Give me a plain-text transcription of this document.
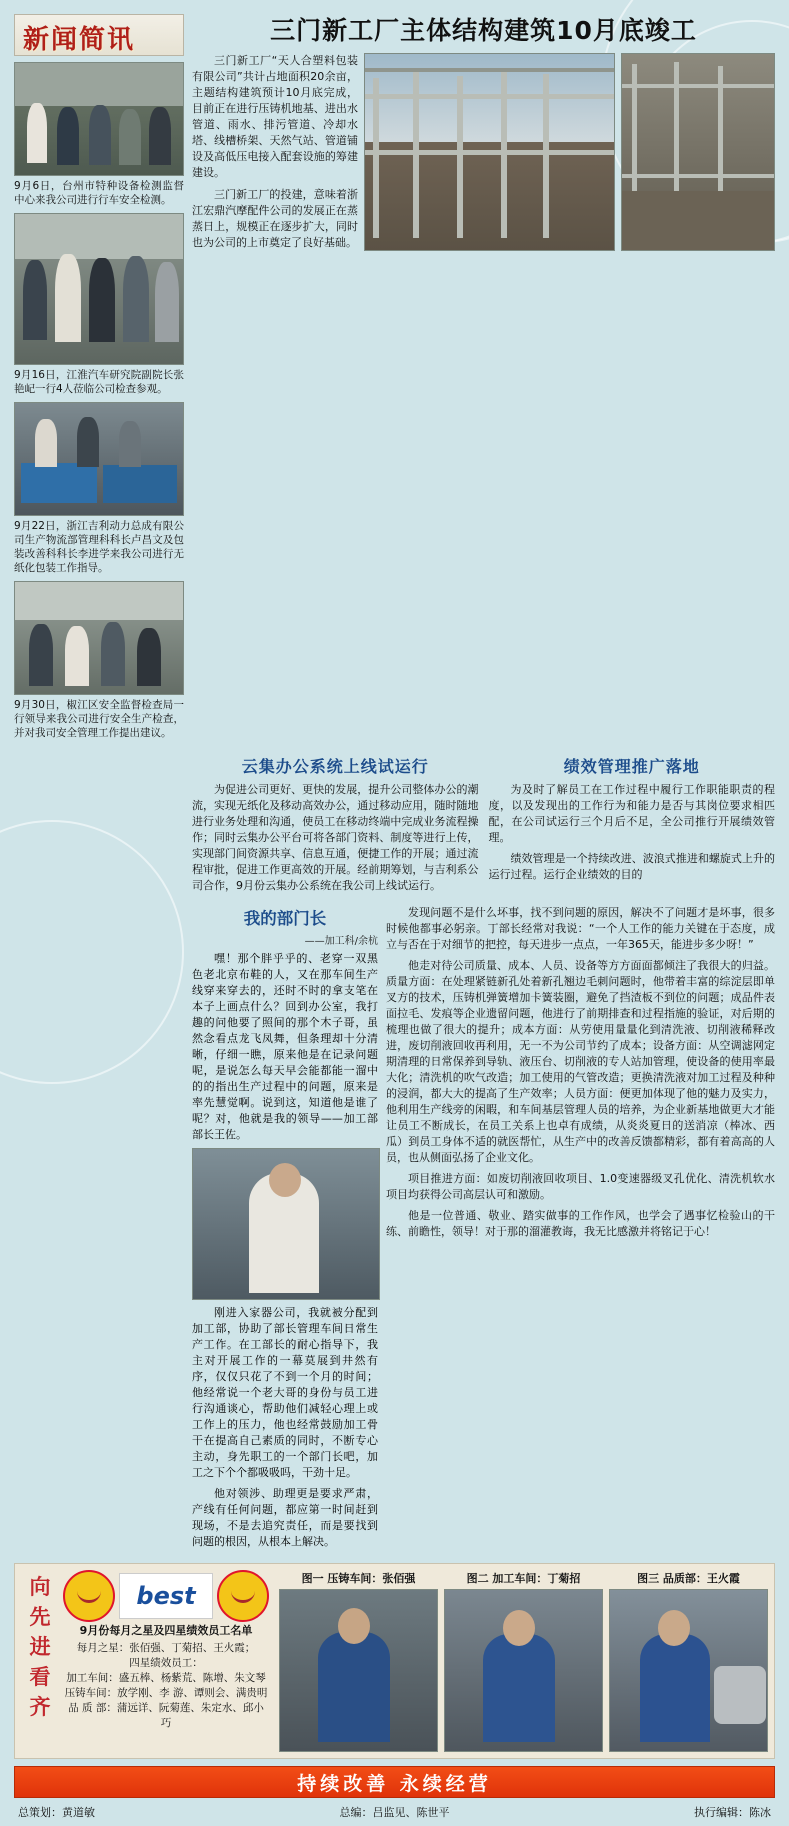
新闻简讯
9月6日，台州市特种设备检测监督中心来我公司进行行车安全检测。
9月16日，江淮汽车研究院副院长张艳屺一行4人莅临公司检查参观。
9月22日，浙江吉利动力总成有限公司生产物流部管理科科长卢昌文及包装改善科科长李进学来我公司进行无纸化包装工作指导。
9月30日，椒江区安全监督检查局一行领导来我公司进行安全生产检查，并对我司安全管理工作提出建议。
三门新工厂主体结构建筑10月底竣工

三门新工厂“天人合塑料包装有限公司”共计占地面积20余亩，主题结构建筑预计10月底完成，目前正在进行压铸机地基、进出水管道、雨水、排污管道、冷却水塔、线槽桥架、天然气站、管道铺设及高低压电接入配套设施的筹建建设。

三门新工厂的投建，意味着浙江宏鼎汽摩配件公司的发展正在蒸蒸日上，规模正在逐步扩大，同时也为公司的上市奠定了良好基础。

云集办公系统上线试运行

为促进公司更好、更快的发展，提升公司整体办公的潮流，实现无纸化及移动高效办公，通过移动应用，随时随地进行业务处理和沟通，使员工在移动终端中完成业务流程操作；同时云集办公平台可将各部门资料、制度等进行上传，实现部门间资源共享、信息互通，便捷工作的开展；通过流程审批，促进工作更高效的开展。经前期筹划，与吉利系公司合作，9月份云集办公系统在我公司上线试运行。

绩效管理推广落地

为及时了解员工在工作过程中履行工作职能职责的程度，以及发现出的工作行为和能力是否与其岗位要求相匹配，在公司试运行三个月后不足，全公司推行开展绩效管理。

绩效管理是一个持续改进、波浪式推进和螺旋式上升的运行过程。运行企业绩效的目的

我的部门长
——加工科/余杭

嘿！那个胖乎乎的、老穿一双黑色老北京布鞋的人，又在那车间生产线穿来穿去的，还时不时的拿支笔在本子上画点什么？回到办公室，我打趣的问他要了照间的那个木子哥，虽然念看点龙飞凤舞，但条理却十分清晰，仔细一瞧，原来他是在记录问题呢，是说怎么每天早会能都能一溜中的的指出生产过程中的问题，原来是率先慧觉啊。说到这，知道他是谁了呢？对，他就是我的领导——加工部部长王佐。

刚进入家器公司，我就被分配到加工部，协助了部长管理车间日常生产工作。在工部长的耐心指导下，我主对开展工作的一幕莫展到井然有序，仅仅只花了不到一个月的时间；他经常说一个老大哥的身份与员工进行沟通谈心，帮助他们减轻心理上或工作上的压力，他也经常鼓励加工骨干在提高自己素质的同时，不断专心主动，身先职工的一个部门长吧，加工之下个个都吸吸吗，干劲十足。

他对领涉、助理更是要求严肃，产线有任何问题，都应第一时间赶到现场，不是去追究责任，而是要找到问题的根因，从根本上解决。

发现问题不是什么坏事，找不到问题的原因，解决不了问题才是坏事，很多时候他都事必躬亲。丁部长经常对我说：“一个人工作的能力关键在于态度，成立与否在于对细节的把控，每天进步一点点，一年365天，能进步多少呀！”

他走对待公司质量、成本、人员、设备等方方面面都倾注了我很大的归益。质量方面：在处理紧链新孔处着新孔翘边毛刺问题时，他带着丰富的综淀层即单叉方的技术，压铸机弹簧增加卡簧装圈，避免了挡渣板不到位的问题；成品件表面拉毛、发痕等企业遗留问题，他进行了前期排查和过程指施的验证，对后期的梳理也做了很大的提升；成本方面：从劳使用量量化到清洗液、切削液稀释改进，废切削液回收再利用，无一不为公司节约了成本；设备方面：从空调滤网定期清理的日常保养到导轨、液压台、切削液的专人站加管理，使设备的使用率最大化；清洗机的吹气改造；加工使用的气管改造；更换清洗液对加工过程及种种的浸润，都大大的提高了生产效率；人员方面：便更加体现了他的魅力及实力，他利用生产线旁的闲暇，和车间基层管理人员的培养，为企业新基地做更大才能让员工不断成长，在员工关系上也卓有成绩，从炎炎夏日的送消凉（棒冰、西瓜）到员工身体不适的就医帮忙，从生产中的改善反馈都精彩，都有着高高的人员，也从侧面弘扬了企业文化。

项目推进方面：如废切削液回收项目、1.0变速器级叉孔优化、清洗机软水项目均获得公司高层认可和激励。

他是一位普通、敬业、踏实做事的工作作风，也学会了遇事忆检验山的干练、前瞻性，领导！对于那的溜灌教诲，我无比感激并将铭记于心！

向先进看齐
best

9月份每月之星及四星绩效员工名单

每月之星：张佰强、丁菊招、王火霞；

四星绩效员工：

加工车间：盛五棒、杨紫荒、陈增、朱文琴

压铸车间：放学刚、李 游、谭则会、满贵明

品 质 部：蒲远详、阮菊莲、朱定水、邱小巧

图一 压铸车间：张佰强	图二 加工车间：丁菊招	图三 品质部：王火霞
持续改善 永续经营
总策划：黄道敏	总编：吕监见、陈世平	执行编辑：陈冰
